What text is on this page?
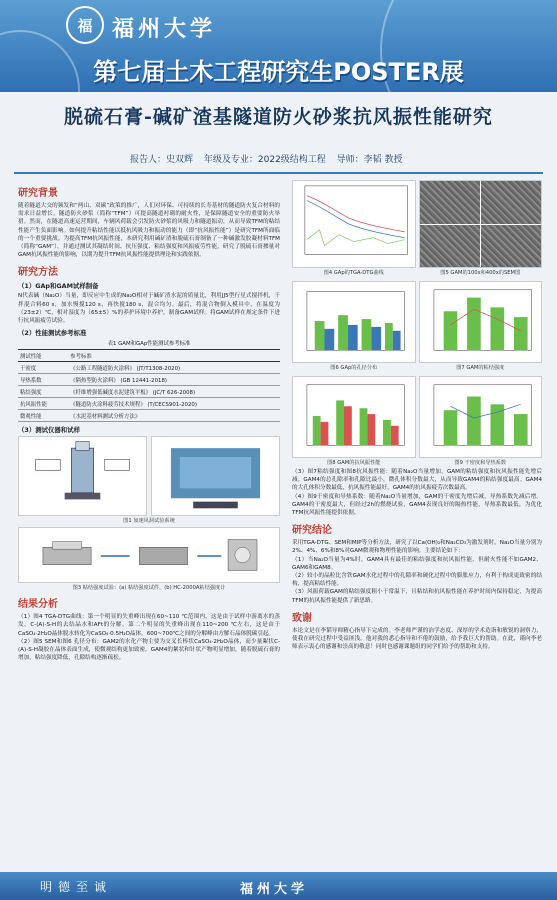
福 福州大学
第七届土木工程研究生POSTER展
脱硫石膏-碱矿渣基隧道防火砂浆抗风振性能研究
报告人：史双辉 年级及专业：2022级结构工程 导师：李韬 教授
研究背景
随着隧道大交的频发和“两山、双碳”政策的推广，人们对环保、可持续的长寿基材的隧道防火复合材料的需求日益增长。隧道防火砂浆（简称“TFM”）可提高隧道衬砌的耐火性，是保障隧道安全的重要防火举措。然而，在隧道高速运营期间，车辆风荷载会引发防火砂浆的风吸力和隧道振动，从而导致TFM的粘结性能产生负面影响。如何提升粘结性能以抵抗风吸力和振动的能力（即“抗风振性能”）是研究TFM所面临的一个重要挑战。为提高TFM抗风振性能，本研究利用碱矿渣和脱硫石膏制备了一种碱激发胶凝材料TFM（简称“GAM”），并通过测试其凝结时间、抗压强度、粘结强度和风振疲劳性能，研究了脱硫石膏掺量对GAM抗风振性能的影响，以期为提升TFM抗风振性能提供理论和实践依据。
研究方法
（1）GAp和GAM试样制备
N代表碱（Na₂O）当量，即反应中生成的Na₂O相对于碱矿渣水泥的质量比，利用JJ5型行星式搅拌机，干拌混合料60 s，加水慢搅120 s，再快搅180 s，混合均匀。最后，将混合物倒入模具中，在温度为（23±2）℃，相对湿度为（65±5）%的养护环境中养护，制备GAM试样。将GAM试样在规定条件下进行抗风振疲劳试验。
（2）性能测试参考标准
表1 GAM和GAp性能测试参考标准
测试性能	参考标准
干密度	《公路工程隧道防火涂料》 (JT/T1308-2020)
导热系数	《隔热型防火涂料》 (GB 12441-2018)
粘结强度	《纤维增强低碱度水泥建筑平板》 (JC/T 626-2008)
抗风振性能	《隧道防火涂料疲劳技术规程》 (T/CECS901-2020)
微观性能	《水泥基材料测试分析方法》
（3）测试仪器和试样
图1 加速风洞试验系统
图3 粘结强度试验：(a) 粘结强度试件，(b) HC-2000A粘结强度计
结果分析
（1）图4 TGA-DTG曲线：第一个明显的失重峰出现在60~110 ℃范围内，这是由于试样中游离水的蒸发。C-(A)-S-H的去结晶水和AFt的分解。第二个明显的失重峰出现在110~200 ℃左右，这是由于CaSO₄·2H₂O晶体脱水转化为CaSO₄·0.5H₂O晶体。600~700℃之间的分解峰由方解石晶体脱碳引起。
（2）图5 SEM和图6 孔径分布：GAM2的水化产物主要为交叉长棒状CaSO₄·2H₂O晶体，而少量絮状C-(A)-S-H凝胶在晶体表面生成，使微观结构更加致密。GAM4的絮状和针状产物明显增加，随着脱硫石膏的增加，粘结强度降低，孔隙结构逐渐疏松。
图4 GAp的TGA-DTG曲线	图5 GAM的100x和400x的SEM图
图6 GAp的孔径分布	图7 GAM的粘结强度
图8 GAM的抗风振性能	图9 干密度和导热系数
（3）图7粘结强度和图8抗风振性能：随着Na₂O当量增加，GAM的粘结强度和抗风振性能先增后减。GAM4的总孔隙率和孔隙比最小，微孔体积分数最大，从而导致GAM4的粘结强度最高。GAM4的大孔体积分数最低，抗风振性能最好，GAM4的抗风振疲劳次数最高。
（4）图9干密度和导热系数：随着Na₂O当量增加，GAM的干密度先增后减，导热系数先减后增。GAM4的干密度最大，但经过2h的燃烧试验，GAM4表现良好的隔热性能，导热系数最低，为优化TFM抗风振性能提供依据。
研究结论
采用TGA-DTG、SEM和MIP等分析方法，研究了以Ca(OH)₂和Na₂CO₃为激发剂时，Na₂O当量分别为2%、4%、6%和8%对GAM微观和物理性能的影响。主要结论如下：
（1）当Na₂O当量为4%时，GAM4具有最佳的粘结强度和抗风振性能，但耐火性能不如GAM2、GAM6和GAM8。
（2）较小的晶粒比含铁GAM水化过程中的孔隙率和硬化过程中的膨胀应力，有利于构成更致密的结构，提高粘结性能。
（3）风振荷载GAM的粘结强度粗小于常温下，且粘结和抗风振性能在养护时间内保持稳定，为提高TFM的抗风振性能提供了新思路。
致谢
本论文是在李韬导师精心指导下完成的。李老师严谨的治学态度、深厚的学术造诣和敏锐的洞察力，使我在研究过程中受益匪浅。他对我的悉心指导和不倦的鼓励，给予我巨大的帮助。在此，谨向李老师表示衷心的感谢和崇高的敬意！同时也感谢课题组的同学们给予的帮助和支持。
明德至诚	福州大学
